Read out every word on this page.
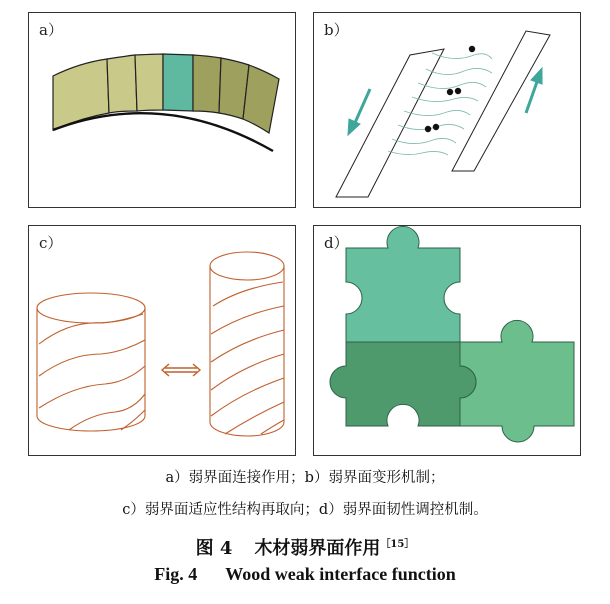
a）	b）
c）	d）
a）弱界面连接作用；b）弱界面变形机制；
c）弱界面适应性结构再取向；d）弱界面韧性调控机制。
图 4 木材弱界面作用$^{[15]}$
Fig. 4 Wood weak interface function
